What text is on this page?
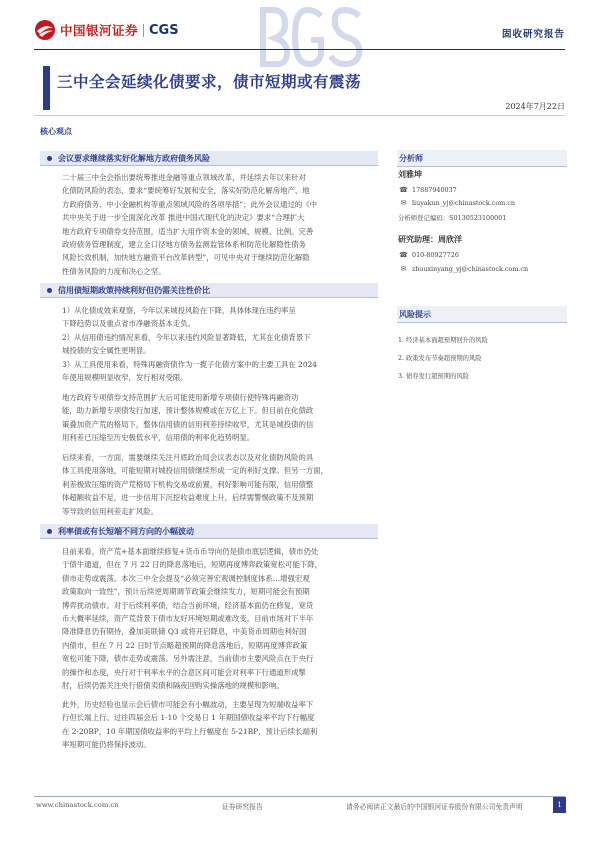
中国银河证券 CGS	固收研究报告
三中全会延续化债要求，债市短期或有震荡
2024年7月22日
核心观点
会议要求继续落实好化解地方政府债务风险
二十届三中全会指出要统筹推进金融等重点领域改革，并延续去年以来针对
化债防风险的表态，要求“要统筹好发展和安全，落实好防范化解房地产、地
方政府债务、中小金融机构等重点领域风险的各项举措”；此外会议通过的《中
共中央关于进一步全面深化改革 推进中国式现代化的决定》要求“合理扩大
地方政府专项债券支持范围，适当扩大用作资本金的领域、规模、比例。完善
政府债务管理制度，建立全口径地方债务监测监管体系和防范化解隐性债务
风险长效机制，加快地方融资平台改革转型”，可见中央对于继续防范化解隐
性债务风险的力度和决心之坚。
信用债短期政策持续利好但仍需关注性价比
1）从化债成效来观察，今年以来城投风险在下降，具体体现在违约率呈
下降趋势以及重点省市净融资基本走负。
2）从信用债违约情况来看，今年以来违约风险显著降低，尤其在化债背景下
城投债的安全属性更明显。
3）从工具使用来看，特殊再融资债作为一揽子化债方案中的主要工具在 2024
年使用规模明显收窄，发行相对受限。
地方政府专项债券支持范围扩大后可能使用新增专项债行使特殊再融资功
能，助力新增专项债发行加速，预计整体规模或在万亿上下。但目前在化债政
策叠加资产荒的格局下，整体信用债的信用利差持续收窄，尤其是城投债的信
用利差已压缩至历史极低水平，信用债的利率化趋势明显。
后续来看，一方面，需要继续关注月底政治局会议表态以及对化债防风险的具
体工具使用落地，可能短期对城投信用债继续形成一定的利好支撑。但另一方面，
利差极致压缩的资产荒格局下机构交易或前置，利好影响可能有限，信用债整
体超额收益不足，进一步信用下沉挖收益难度上升，后续需警惕政策不及预期
等导致的信用利差走扩风险。
利率债或有长短端不同方向的小幅波动
目前来看，资产荒+基本面继续修复+货币币导向仍是债市底层逻辑，债市仍处
于债牛通道，但在 7 月 22 日的降息落地后，短期再度博弈政策宽松可能下降，
债市走势或震荡。本次三中全会提及“必须完善宏观调控制度体系…增强宏观
政策取向一致性”，预计后续逆周期调节政策会继续发力，短期可能会有预期
博弈扰动债市。对于后续利率债，结合当前环境，经济基本面仍在修复，宽货
币大概率延续，资产荒背景下债市友好环境短期或难改变。目前市场对下半年
降准降息仍有期待，叠加美联储 Q3 或将开启降息，中美货币周期也利好国
内债市，但在 7 月 22 日时节点略超预期的降息落地后，短期再度博弈政策
宽松可能下降，债市走势或震荡。另外需注意，当前债市主要风险点在于央行
的操作和态度，央行对于利率水平的合意区间可能会对利率下行通道形成掣
肘，后续仍需关注央行借债卖债和隔夜回购实操落地的规模和影响。
此外，历史经验也显示会后债市可能会有小幅波动，主要呈现为短端收益率下
行但长端上行。过往四届会后 1-10 个交易日 1 年期国债收益率平均下行幅度
在 2-20BP，10 年期国债收益率的平均上行幅度在 5-21BP，预计后续长端利
率短期可能仍将保持波动。
分析师
刘雅坤
☎ 17887940037
✉ liuyakun_yj@chinastock.com.cn
分析师登记编码： S0130523100001
研究助理：周欣洋
☎ 010-80927726
✉ zhouxinyang_yj@chinastock.com.cn
风险提示
1. 经济基本面超预期回升的风险
2. 政策发布节奏超预期的风险
3. 债券发行超预期的风险
www.chinastock.com.cn	证券研究报告	请务必阅读正文最后的中国银河证券股份有限公司免责声明	1
